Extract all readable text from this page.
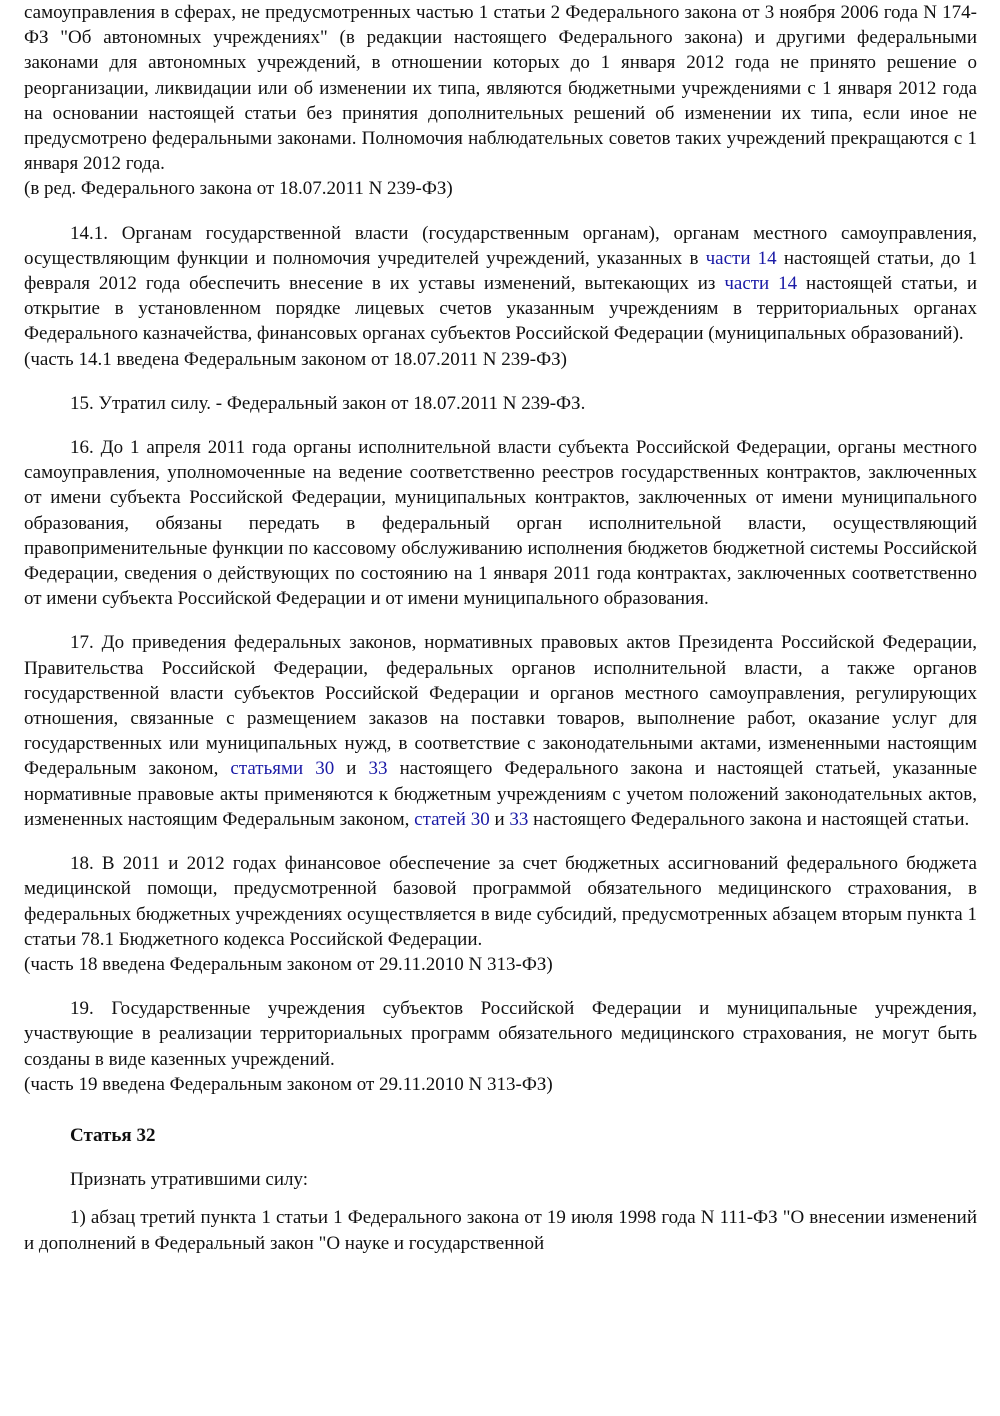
самоуправления в сферах, не предусмотренных частью 1 статьи 2 Федерального закона от 3 ноября 2006 года N 174-ФЗ "Об автономных учреждениях" (в редакции настоящего Федерального закона) и другими федеральными законами для автономных учреждений, в отношении которых до 1 января 2012 года не принято решение о реорганизации, ликвидации или об изменении их типа, являются бюджетными учреждениями с 1 января 2012 года на основании настоящей статьи без принятия дополнительных решений об изменении их типа, если иное не предусмотрено федеральными законами. Полномочия наблюдательных советов таких учреждений прекращаются с 1 января 2012 года.

(в ред. Федерального закона от 18.07.2011 N 239-ФЗ)

14.1. Органам государственной власти (государственным органам), органам местного самоуправления, осуществляющим функции и полномочия учредителей учреждений, указанных в части 14 настоящей статьи, до 1 февраля 2012 года обеспечить внесение в их уставы изменений, вытекающих из части 14 настоящей статьи, и открытие в установленном порядке лицевых счетов указанным учреждениям в территориальных органах Федерального казначейства, финансовых органах субъектов Российской Федерации (муниципальных образований).

(часть 14.1 введена Федеральным законом от 18.07.2011 N 239-ФЗ)

15. Утратил силу. - Федеральный закон от 18.07.2011 N 239-ФЗ.

16. До 1 апреля 2011 года органы исполнительной власти субъекта Российской Федерации, органы местного самоуправления, уполномоченные на ведение соответственно реестров государственных контрактов, заключенных от имени субъекта Российской Федерации, муниципальных контрактов, заключенных от имени муниципального образования, обязаны передать в федеральный орган исполнительной власти, осуществляющий правоприменительные функции по кассовому обслуживанию исполнения бюджетов бюджетной системы Российской Федерации, сведения о действующих по состоянию на 1 января 2011 года контрактах, заключенных соответственно от имени субъекта Российской Федерации и от имени муниципального образования.

17. До приведения федеральных законов, нормативных правовых актов Президента Российской Федерации, Правительства Российской Федерации, федеральных органов исполнительной власти, а также органов государственной власти субъектов Российской Федерации и органов местного самоуправления, регулирующих отношения, связанные с размещением заказов на поставки товаров, выполнение работ, оказание услуг для государственных или муниципальных нужд, в соответствие с законодательными актами, измененными настоящим Федеральным законом, статьями 30 и 33 настоящего Федерального закона и настоящей статьей, указанные нормативные правовые акты применяются к бюджетным учреждениям с учетом положений законодательных актов, измененных настоящим Федеральным законом, статей 30 и 33 настоящего Федерального закона и настоящей статьи.

18. В 2011 и 2012 годах финансовое обеспечение за счет бюджетных ассигнований федерального бюджета медицинской помощи, предусмотренной базовой программой обязательного медицинского страхования, в федеральных бюджетных учреждениях осуществляется в виде субсидий, предусмотренных абзацем вторым пункта 1 статьи 78.1 Бюджетного кодекса Российской Федерации.

(часть 18 введена Федеральным законом от 29.11.2010 N 313-ФЗ)

19. Государственные учреждения субъектов Российской Федерации и муниципальные учреждения, участвующие в реализации территориальных программ обязательного медицинского страхования, не могут быть созданы в виде казенных учреждений.

(часть 19 введена Федеральным законом от 29.11.2010 N 313-ФЗ)

Статья 32

Признать утратившими силу:

1) абзац третий пункта 1 статьи 1 Федерального закона от 19 июля 1998 года N 111-ФЗ "О внесении изменений и дополнений в Федеральный закон "О науке и государственной
